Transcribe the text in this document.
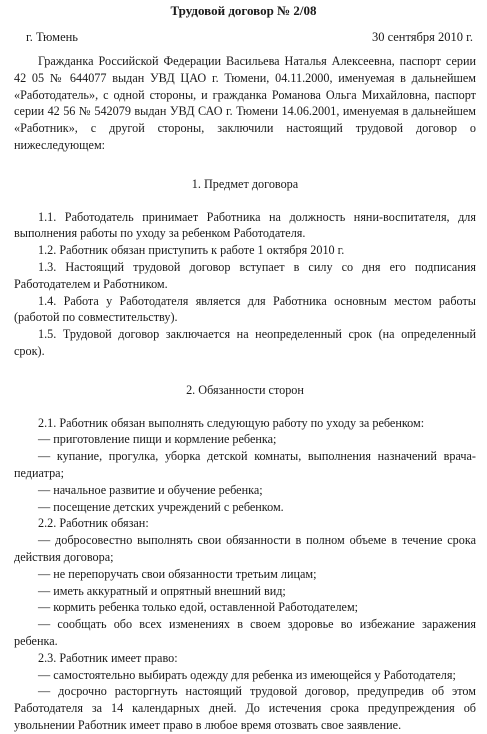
Трудовой договор № 2/08
г. Тюмень	30 сентября 2010 г.

Гражданка Российской Федерации Васильева Наталья Алексеевна, паспорт серии 42 05 № 644077 выдан УВД ЦАО г. Тюмени, 04.11.2000, именуемая в дальнейшем «Работодатель», с одной стороны, и гражданка Романова Ольга Михайловна, паспорт серии 42 56 № 542079 выдан УВД САО г. Тюмени 14.06.2001, именуемая в дальнейшем «Работник», с другой стороны, заключили настоящий трудовой договор о нижеследующем:

1. Предмет договора

1.1. Работодатель принимает Работника на должность няни-воспитателя, для выполнения работы по уходу за ребенком Работодателя.

1.2. Работник обязан приступить к работе 1 октября 2010 г.

1.3. Настоящий трудовой договор вступает в силу со дня его подписания Работодателем и Работником.

1.4. Работа у Работодателя является для Работника основным местом работы (работой по совместительству).

1.5. Трудовой договор заключается на неопределенный срок (на определенный срок).

2. Обязанности сторон

2.1. Работник обязан выполнять следующую работу по уходу за ребенком:

— приготовление пищи и кормление ребенка;

— купание, прогулка, уборка детской комнаты, выполнения назначений врача-педиатра;

— начальное развитие и обучение ребенка;

— посещение детских учреждений с ребенком.

2.2. Работник обязан:

— добросовестно выполнять свои обязанности в полном объеме в течение срока действия договора;

— не перепоручать свои обязанности третьим лицам;

— иметь аккуратный и опрятный внешний вид;

— кормить ребенка только едой, оставленной Работодателем;

— сообщать обо всех изменениях в своем здоровье во избежание заражения ребенка.

2.3. Работник имеет право:

— самостоятельно выбирать одежду для ребенка из имеющейся у Работодателя;

— досрочно расторгнуть настоящий трудовой договор, предупредив об этом Работодателя за 14 календарных дней. До истечения срока предупреждения об увольнении Работник имеет право в любое время отозвать свое заявление.
